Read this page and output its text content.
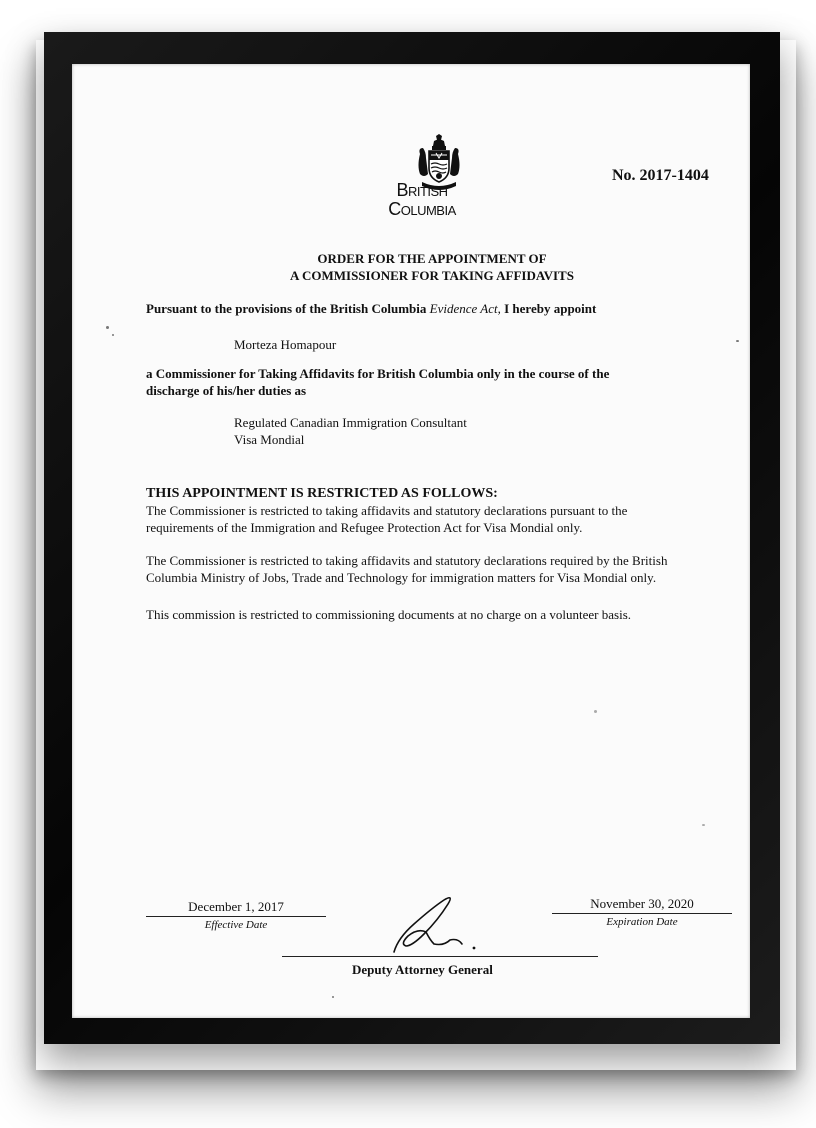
British
Columbia
No. 2017-1404
ORDER FOR THE APPOINTMENT OF
A COMMISSIONER FOR TAKING AFFIDAVITS
Pursuant to the provisions of the British Columbia Evidence Act, I hereby appoint
Morteza Homapour
a Commissioner for Taking Affidavits for British Columbia only in the course of the
discharge of his/her duties as
Regulated Canadian Immigration Consultant
Visa Mondial
THIS APPOINTMENT IS RESTRICTED AS FOLLOWS:
The Commissioner is restricted to taking affidavits and statutory declarations pursuant to the
requirements of the Immigration and Refugee Protection Act for Visa Mondial only.
The Commissioner is restricted to taking affidavits and statutory declarations required by the British
Columbia Ministry of Jobs, Trade and Technology for immigration matters for Visa Mondial only.
This commission is restricted to commissioning documents at no charge on a volunteer basis.
December 1, 2017
Effective Date
November 30, 2020
Expiration Date
Deputy Attorney General
